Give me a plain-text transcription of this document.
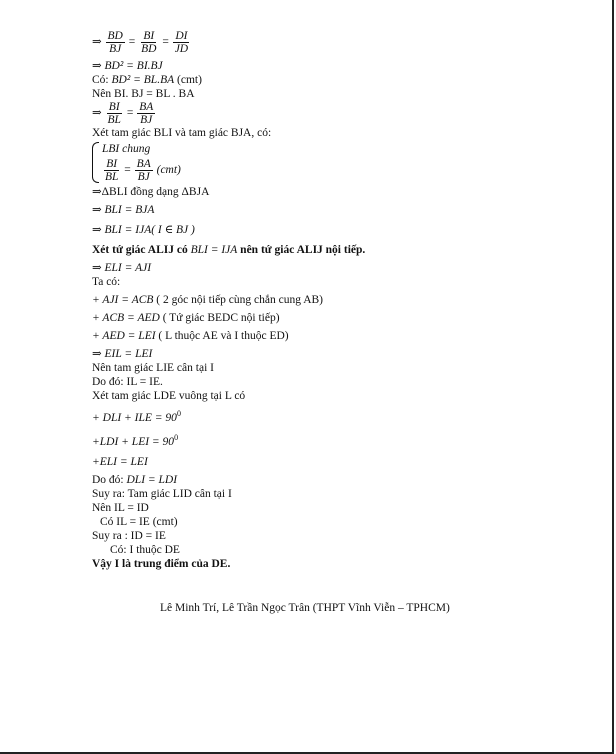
⇒ $\frac{BD}{BJ} = \frac{BI}{BD} = \frac{DI}{JD}$
⇒ BD² = BI.BJ
Có: BD² = BL.BA (cmt)
Nên BI. BJ = BL . BA
⇒ $\frac{BI}{BL} = \frac{BA}{BJ}$
Xét tam giác BLI và tam giác BJA, có:
LBI chung
$\frac{BI}{BL} = \frac{BA}{BJ} (cmt)$
⇒ΔBLI đồng dạng ΔBJA
⇒ BLI = BJA
⇒ BLI = IJA( I ∈ BJ )
Xét tứ giác ALIJ có BLI = IJA nên tứ giác ALIJ nội tiếp.
⇒ ELI = AJI
Ta có:
+ AJI = ACB ( 2 góc nội tiếp cùng chắn cung AB)
+ ACB = AED ( Tứ giác BEDC nội tiếp)
+ AED = LEI ( L thuộc AE và I thuộc ED)
⇒ EIL = LEI
Nên tam giác LIE cân tại I
Do đó: IL = IE.
Xét tam giác LDE vuông tại L có
+ DLI + ILE = $90^0$
+LDI + LEI = $90^0$
+ELI = LEI
Do đó: DLI = LDI
Suy ra: Tam giác LID cân tại I
Nên IL = ID
Có IL = IE (cmt)
Suy ra : ID = IE
Có: I thuộc DE
Vậy I là trung điểm của DE.
Lê Minh Trí, Lê Trần Ngọc Trân (THPT Vĩnh Viễn – TPHCM)
